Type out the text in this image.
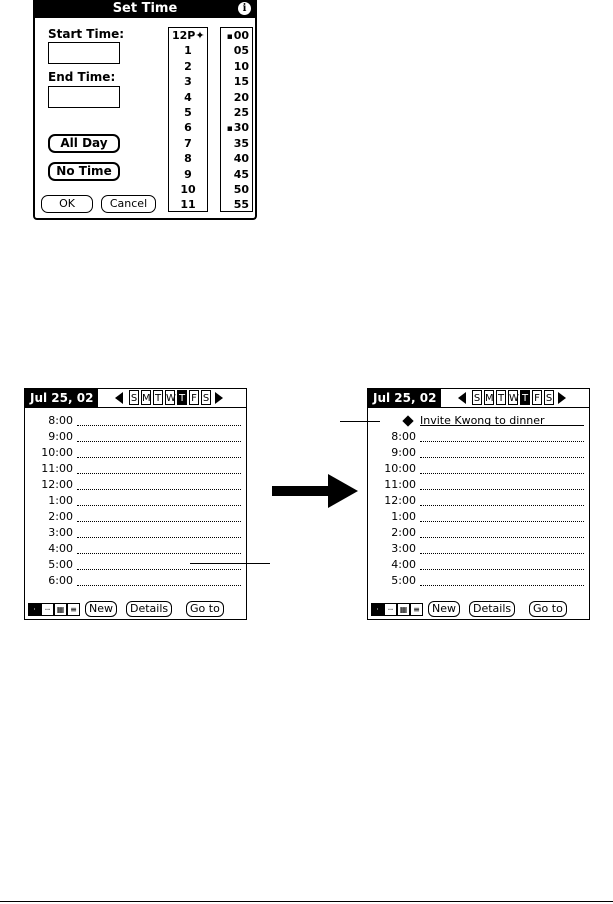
Set Time	i
Start Time:
End Time:
All Day
No Time
OK	Cancel
12P✦
1
2
3
4
5
6
7
8
9
10
11
▪ 00
05
10
15
20
25
▪ 30
35
40
45
50
55
Jul 25, 02	S M T W T F S
8:00
9:00
10:00
11:00
12:00
1:00
2:00
3:00
4:00
5:00
6:00
·	┈ ▦ ≡	New	Details	Go to
Jul 25, 02	S M T W T F S
Invite Kwong to dinner
8:00
9:00
10:00
11:00
12:00
1:00
2:00
3:00
4:00
5:00
·	┈ ▦ ≡	New	Details	Go to
